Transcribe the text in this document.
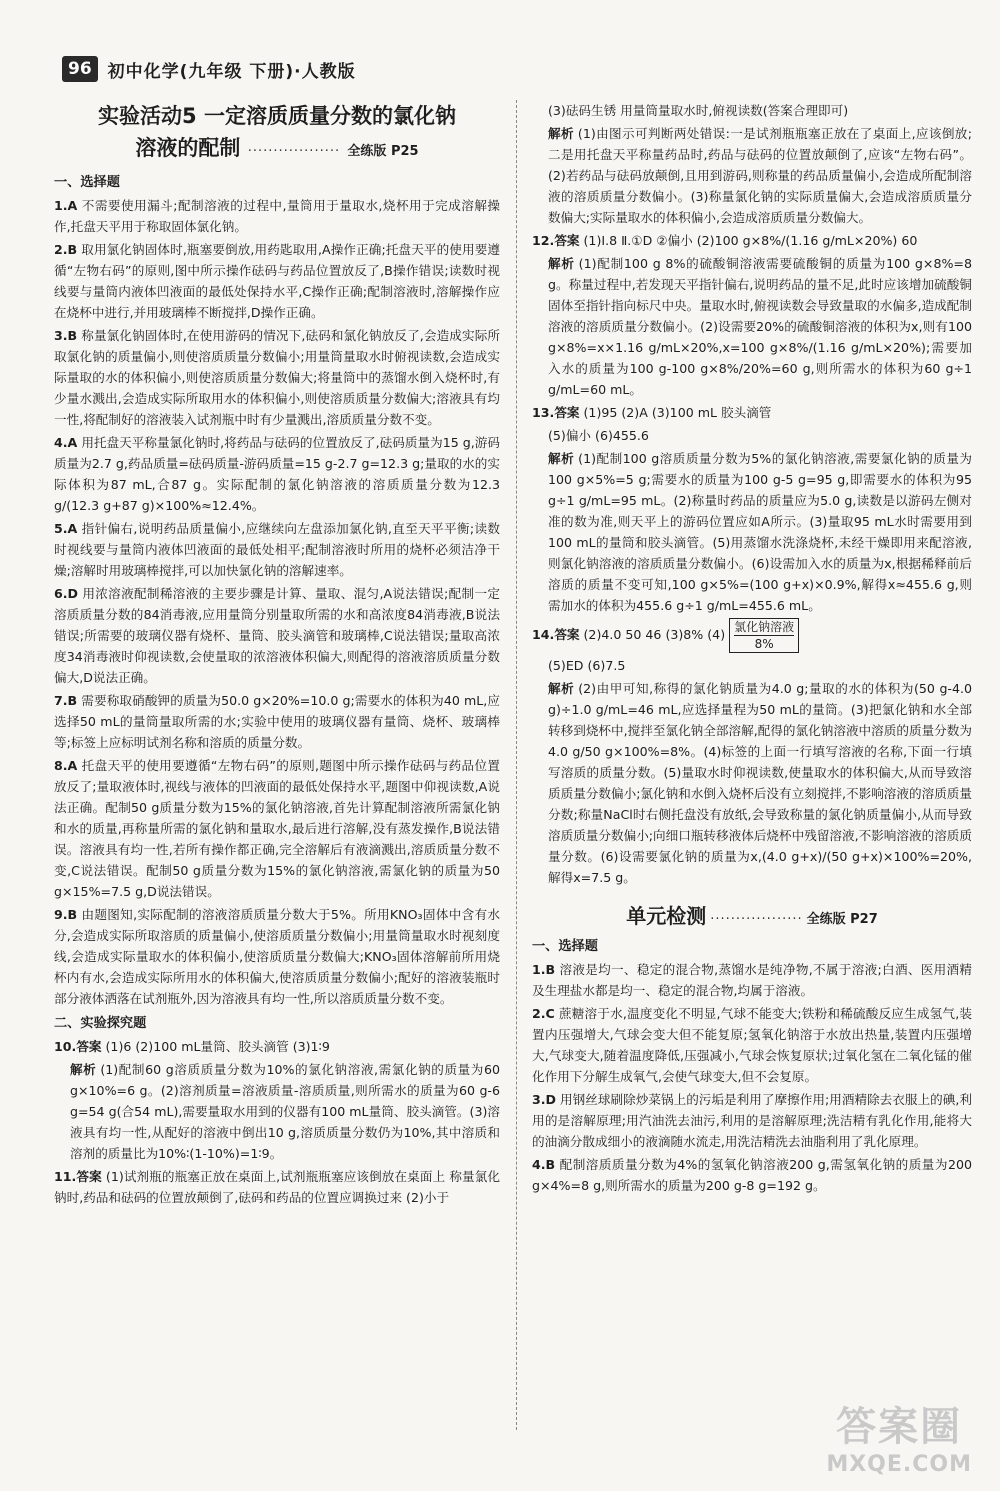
96 初中化学(九年级 下册)·人教版

实验活动5 一定溶质质量分数的氯化钠
溶液的配制 ·················· 全练版 P25

一、选择题

1.A 不需要使用漏斗;配制溶液的过程中,量筒用于量取水,烧杯用于完成溶解操作,托盘天平用于称取固体氯化钠。

2.B 取用氯化钠固体时,瓶塞要倒放,用药匙取用,A操作正确;托盘天平的使用要遵循“左物右码”的原则,图中所示操作砝码与药品位置放反了,B操作错误;读数时视线要与量筒内液体凹液面的最低处保持水平,C操作正确;配制溶液时,溶解操作应在烧杯中进行,并用玻璃棒不断搅拌,D操作正确。

3.B 称量氯化钠固体时,在使用游码的情况下,砝码和氯化钠放反了,会造成实际所取氯化钠的质量偏小,则使溶质质量分数偏小;用量筒量取水时俯视读数,会造成实际量取的水的体积偏小,则使溶质质量分数偏大;将量筒中的蒸馏水倒入烧杯时,有少量水溅出,会造成实际所取用水的体积偏小,则使溶质质量分数偏大;溶液具有均一性,将配制好的溶液装入试剂瓶中时有少量溅出,溶质质量分数不变。

4.A 用托盘天平称量氯化钠时,将药品与砝码的位置放反了,砝码质量为15 g,游码质量为2.7 g,药品质量=砝码质量-游码质量=15 g-2.7 g=12.3 g;量取的水的实际体积为87 mL,合87 g。实际配制的氯化钠溶液的溶质质量分数为12.3 g/(12.3 g+87 g)×100%≈12.4%。

5.A 指针偏右,说明药品质量偏小,应继续向左盘添加氯化钠,直至天平平衡;读数时视线要与量筒内液体凹液面的最低处相平;配制溶液时所用的烧杯必须洁净干燥;溶解时用玻璃棒搅拌,可以加快氯化钠的溶解速率。

6.D 用浓溶液配制稀溶液的主要步骤是计算、量取、混匀,A说法错误;配制一定溶质质量分数的84消毒液,应用量筒分别量取所需的水和高浓度84消毒液,B说法错误;所需要的玻璃仪器有烧杯、量筒、胶头滴管和玻璃棒,C说法错误;量取高浓度34消毒液时仰视读数,会使量取的浓溶液体积偏大,则配得的溶液溶质质量分数偏大,D说法正确。

7.B 需要称取硝酸钾的质量为50.0 g×20%=10.0 g;需要水的体积为40 mL,应选择50 mL的量筒量取所需的水;实验中使用的玻璃仪器有量筒、烧杯、玻璃棒等;标签上应标明试剂名称和溶质的质量分数。

8.A 托盘天平的使用要遵循“左物右码”的原则,题图中所示操作砝码与药品位置放反了;量取液体时,视线与液体的凹液面的最低处保持水平,题图中仰视读数,A说法正确。配制50 g质量分数为15%的氯化钠溶液,首先计算配制溶液所需氯化钠和水的质量,再称量所需的氯化钠和量取水,最后进行溶解,没有蒸发操作,B说法错误。溶液具有均一性,若所有操作都正确,完全溶解后有液滴溅出,溶质质量分数不变,C说法错误。配制50 g质量分数为15%的氯化钠溶液,需氯化钠的质量为50 g×15%=7.5 g,D说法错误。

9.B 由题图知,实际配制的溶液溶质质量分数大于5%。所用KNO₃固体中含有水分,会造成实际所取溶质的质量偏小,使溶质质量分数偏小;用量筒量取水时视刻度线,会造成实际量取水的体积偏小,使溶质质量分数偏大;KNO₃固体溶解前所用烧杯内有水,会造成实际所用水的体积偏大,使溶质质量分数偏小;配好的溶液装瓶时部分液体洒落在试剂瓶外,因为溶液具有均一性,所以溶质质量分数不变。

二、实验探究题

10.答案 (1)6 (2)100 mL量筒、胶头滴管 (3)1∶9

解析 (1)配制60 g溶质质量分数为10%的氯化钠溶液,需氯化钠的质量为60 g×10%=6 g。(2)溶剂质量=溶液质量-溶质质量,则所需水的质量为60 g-6 g=54 g(合54 mL),需要量取水用到的仪器有100 mL量筒、胶头滴管。(3)溶液具有均一性,从配好的溶液中倒出10 g,溶质质量分数仍为10%,其中溶质和溶剂的质量比为10%∶(1-10%)=1∶9。

11.答案 (1)试剂瓶的瓶塞正放在桌面上,试剂瓶瓶塞应该倒放在桌面上 称量氯化钠时,药品和砝码的位置放颠倒了,砝码和药品的位置应调换过来 (2)小于

(3)砝码生锈 用量筒量取水时,俯视读数(答案合理即可)

解析 (1)由图示可判断两处错误:一是试剂瓶瓶塞正放在了桌面上,应该倒放;二是用托盘天平称量药品时,药品与砝码的位置放颠倒了,应该“左物右码”。(2)若药品与砝码放颠倒,且用到游码,则称量的药品质量偏小,会造成所配制溶液的溶质质量分数偏小。(3)称量氯化钠的实际质量偏大,会造成溶质质量分数偏大;实际量取水的体积偏小,会造成溶质质量分数偏大。

12.答案 (1)Ⅰ.8 Ⅱ.①D ②偏小 (2)100 g×8%/(1.16 g/mL×20%) 60

解析 (1)配制100 g 8%的硫酸铜溶液需要硫酸铜的质量为100 g×8%=8 g。称量过程中,若发现天平指针偏右,说明药品的量不足,此时应该增加硫酸铜固体至指针指向标尺中央。量取水时,俯视读数会导致量取的水偏多,造成配制溶液的溶质质量分数偏小。(2)设需要20%的硫酸铜溶液的体积为x,则有100 g×8%=x×1.16 g/mL×20%,x=100 g×8%/(1.16 g/mL×20%);需要加入水的质量为100 g-100 g×8%/20%=60 g,则所需水的体积为60 g÷1 g/mL=60 mL。

13.答案 (1)95 (2)A (3)100 mL 胶头滴管

(5)偏小 (6)455.6

解析 (1)配制100 g溶质质量分数为5%的氯化钠溶液,需要氯化钠的质量为100 g×5%=5 g;需要水的质量为100 g-5 g=95 g,即需要水的体积为95 g÷1 g/mL=95 mL。(2)称量时药品的质量应为5.0 g,读数是以游码左侧对准的数为准,则天平上的游码位置应如A所示。(3)量取95 mL水时需要用到100 mL的量筒和胶头滴管。(5)用蒸馏水洗涤烧杯,未经干燥即用来配溶液,则氯化钠溶液的溶质质量分数偏小。(6)设需加入水的质量为x,根据稀释前后溶质的质量不变可知,100 g×5%=(100 g+x)×0.9%,解得x≈455.6 g,则需加水的体积为455.6 g÷1 g/mL=455.6 mL。

14.答案 (2)4.0 50 46 (3)8% (4) 氯化钠溶液
8%

(5)ED (6)7.5

解析 (2)由甲可知,称得的氯化钠质量为4.0 g;量取的水的体积为(50 g-4.0 g)÷1.0 g/mL=46 mL,应选择量程为50 mL的量筒。(3)把氯化钠和水全部转移到烧杯中,搅拌至氯化钠全部溶解,配得的氯化钠溶液中溶质的质量分数为4.0 g/50 g×100%=8%。(4)标签的上面一行填写溶液的名称,下面一行填写溶质的质量分数。(5)量取水时仰视读数,使量取水的体积偏大,从而导致溶质质量分数偏小;氯化钠和水倒入烧杯后没有立刻搅拌,不影响溶液的溶质质量分数;称量NaCl时右侧托盘没有放纸,会导致称量的氯化钠质量偏小,从而导致溶质质量分数偏小;向细口瓶转移液体后烧杯中残留溶液,不影响溶液的溶质质量分数。(6)设需要氯化钠的质量为x,(4.0 g+x)/(50 g+x)×100%=20%,解得x=7.5 g。

单元检测 ·················· 全练版 P27

一、选择题

1.B 溶液是均一、稳定的混合物,蒸馏水是纯净物,不属于溶液;白酒、医用酒精及生理盐水都是均一、稳定的混合物,均属于溶液。

2.C 蔗糖溶于水,温度变化不明显,气球不能变大;铁粉和稀硫酸反应生成氢气,装置内压强增大,气球会变大但不能复原;氢氧化钠溶于水放出热量,装置内压强增大,气球变大,随着温度降低,压强减小,气球会恢复原状;过氧化氢在二氧化锰的催化作用下分解生成氧气,会使气球变大,但不会复原。

3.D 用钢丝球刷除炒菜锅上的污垢是利用了摩擦作用;用酒精除去衣服上的碘,利用的是溶解原理;用汽油洗去油污,利用的是溶解原理;洗洁精有乳化作用,能将大的油滴分散成细小的液滴随水流走,用洗洁精洗去油脂利用了乳化原理。

4.B 配制溶质质量分数为4%的氢氧化钠溶液200 g,需氢氧化钠的质量为200 g×4%=8 g,则所需水的质量为200 g-8 g=192 g。

答案圈
MXQE.COM
